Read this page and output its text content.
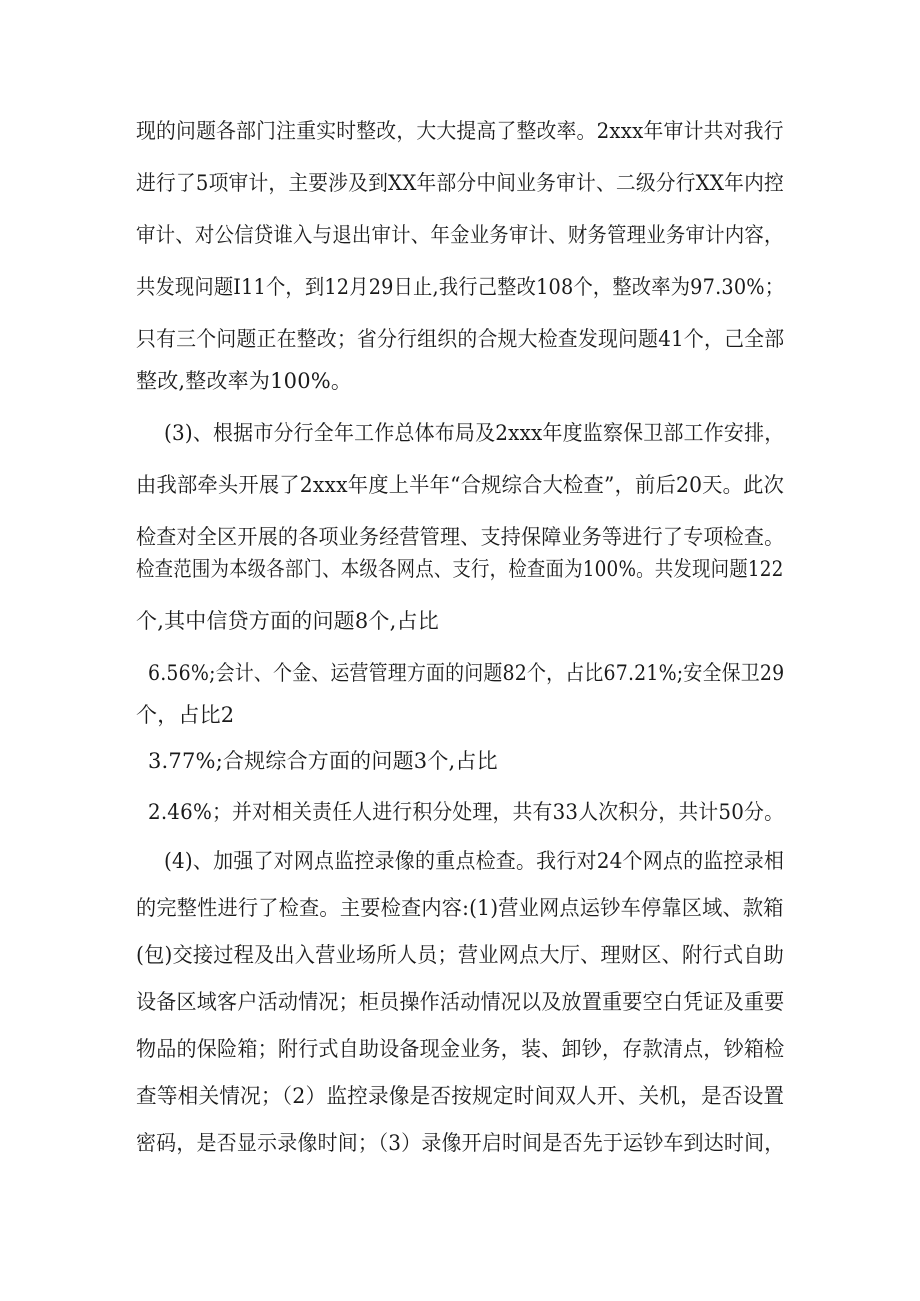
现的问题各部门注重实时整改，大大提高了整改率。2xxx年审计共对我行
进行了5项审计，主要涉及到XX年部分中间业务审计、二级分行XX年内控
审计、对公信贷谁入与退出审计、年金业务审计、财务管理业务审计内容，
共发现问题I11个，到12月29日止,我行己整改108个，整改率为97.30%；
只有三个问题正在整改；省分行组织的合规大检查发现问题41个，己全部
整改,整改率为100%。
(3)、根据市分行全年工作总体布局及2xxx年度监察保卫部工作安排，
由我部牵头开展了2xxx年度上半年“合规综合大检查”，前后20天。此次
检查对全区开展的各项业务经营管理、支持保障业务等进行了专项检查。
检查范围为本级各部门、本级各网点、支行，检查面为100%。共发现问题122
个,其中信贷方面的问题8个,占比
6.56%;会计、个金、运营管理方面的问题82个，占比67.21%;安全保卫29
个，占比2
3.77%;合规综合方面的问题3个,占比
2.46%；并对相关责任人进行积分处理，共有33人次积分，共计50分。
(4)、加强了对网点监控录像的重点检查。我行对24个网点的监控录相
的完整性进行了检查。主要检查内容:(1)营业网点运钞车停靠区域、款箱
(包)交接过程及出入营业场所人员；营业网点大厅、理财区、附行式自助
设备区域客户活动情况；柜员操作活动情况以及放置重要空白凭证及重要
物品的保险箱；附行式自助设备现金业务，装、卸钞，存款清点，钞箱检
查等相关情况；（2）监控录像是否按规定时间双人开、关机，是否设置
密码，是否显示录像时间；（3）录像开启时间是否先于运钞车到达时间，
